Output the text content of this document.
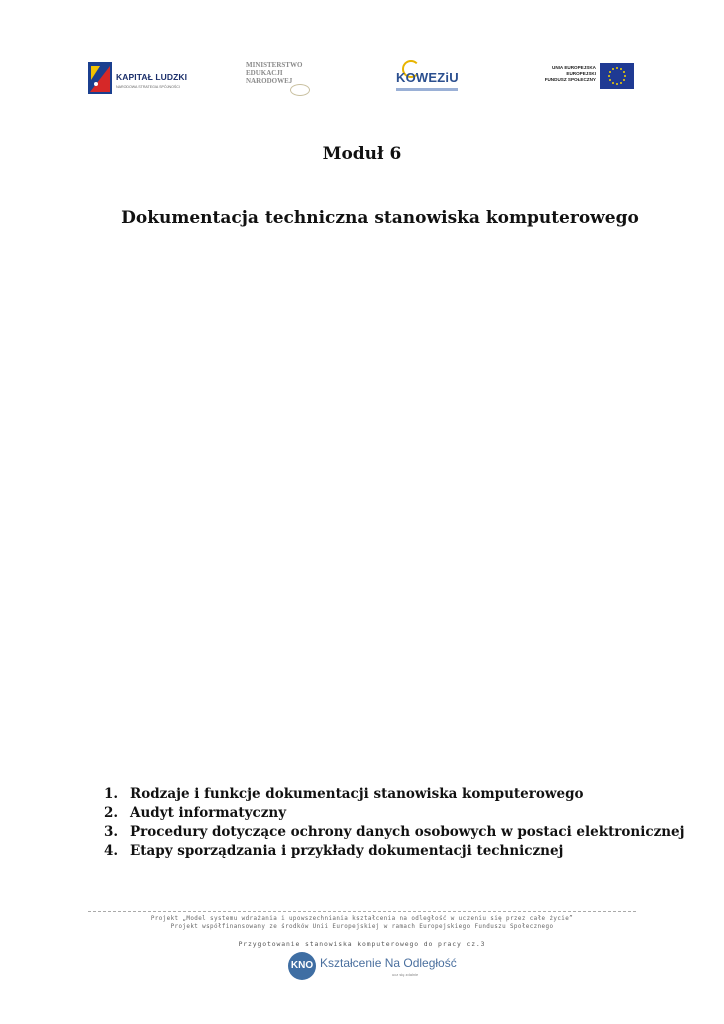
KAPITAŁ LUDZKI
NARODOWA STRATEGIA SPÓJNOŚCI
MINISTERSTWO
EDUKACJI
NARODOWEJ	KOWEZiU
UNIA EUROPEJSKA
EUROPEJSKI
FUNDUSZ SPOŁECZNY
Moduł 6
Dokumentacja techniczna stanowiska komputerowego
1. Rodzaje i funkcje dokumentacji stanowiska komputerowego
2. Audyt informatyczny
3. Procedury dotyczące ochrony danych osobowych w postaci elektronicznej
4. Etapy sporządzania i przykłady dokumentacji technicznej
Projekt „Model systemu wdrażania i upowszechniania kształcenia na odległość w uczeniu się przez całe życie”
Projekt współfinansowany ze środków Unii Europejskiej w ramach Europejskiego Funduszu Społecznego
Przygotowanie stanowiska komputerowego do pracy cz.3
KNO Kształcenie Na Odległość
ucz się zdalnie
